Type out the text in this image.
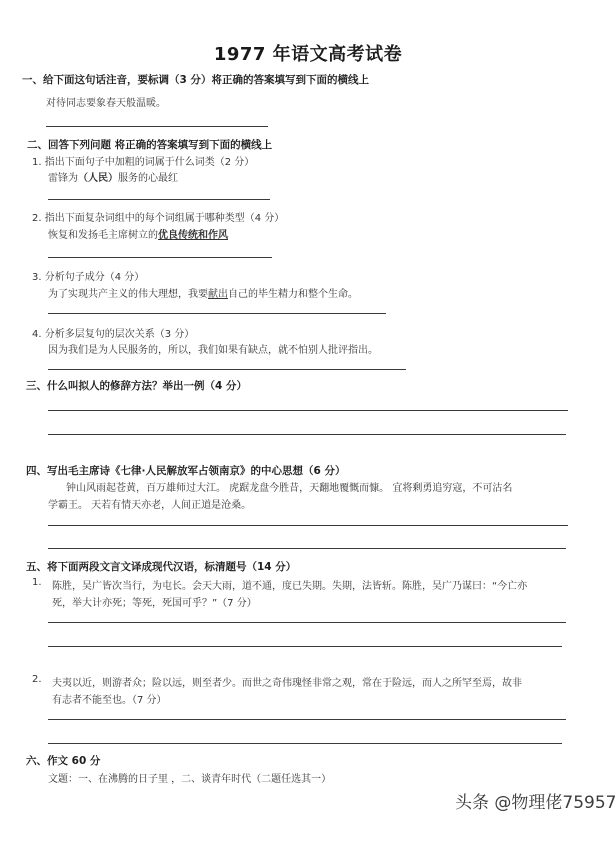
1977 年语文高考试卷
一、给下面这句话注音，要标调（3 分）将正确的答案填写到下面的横线上
对待同志要象春天般温暖。
二、回答下列问题 将正确的答案填写到下面的横线上
1. 指出下面句子中加粗的词属于什么词类（2 分）
雷锋为（人民）服务的心最红
2. 指出下面复杂词组中的每个词组属于哪种类型（4 分）
恢复和发扬毛主席树立的优良传统和作风
3. 分析句子成分（4 分）
为了实现共产主义的伟大理想，我要献出自己的毕生精力和整个生命。
4. 分析多层复句的层次关系（3 分）
因为我们是为人民服务的，所以，我们如果有缺点，就不怕别人批评指出。
三、什么叫拟人的修辞方法？举出一例（4 分）
四、写出毛主席诗《七律·人民解放军占领南京》的中心思想（6 分）
钟山风雨起苍黄，百万雄师过大江。 虎踞龙盘今胜昔，天翻地覆慨而慷。 宜将剩勇追穷寇，不可沽名
学霸王。 天若有情天亦老，人间正道是沧桑。
五、将下面两段文言文译成现代汉语，标清题号（14 分）
1. 陈胜，吴广皆次当行，为屯长。会天大雨，道不通，度已失期。失期，法皆斩。陈胜，吴广乃谋曰：“今亡亦
死，举大计亦死；等死，死国可乎？”（7 分）
2. 夫夷以近，则游者众；险以远，则至者少。而世之奇伟瑰怪非常之观，常在于险远，而人之所罕至焉，故非
有志者不能至也。（7 分）
六、作文 60 分
文题：一、在沸腾的日子里 ，二、谈青年时代（二题任选其一）
头条 @物理佬75957
